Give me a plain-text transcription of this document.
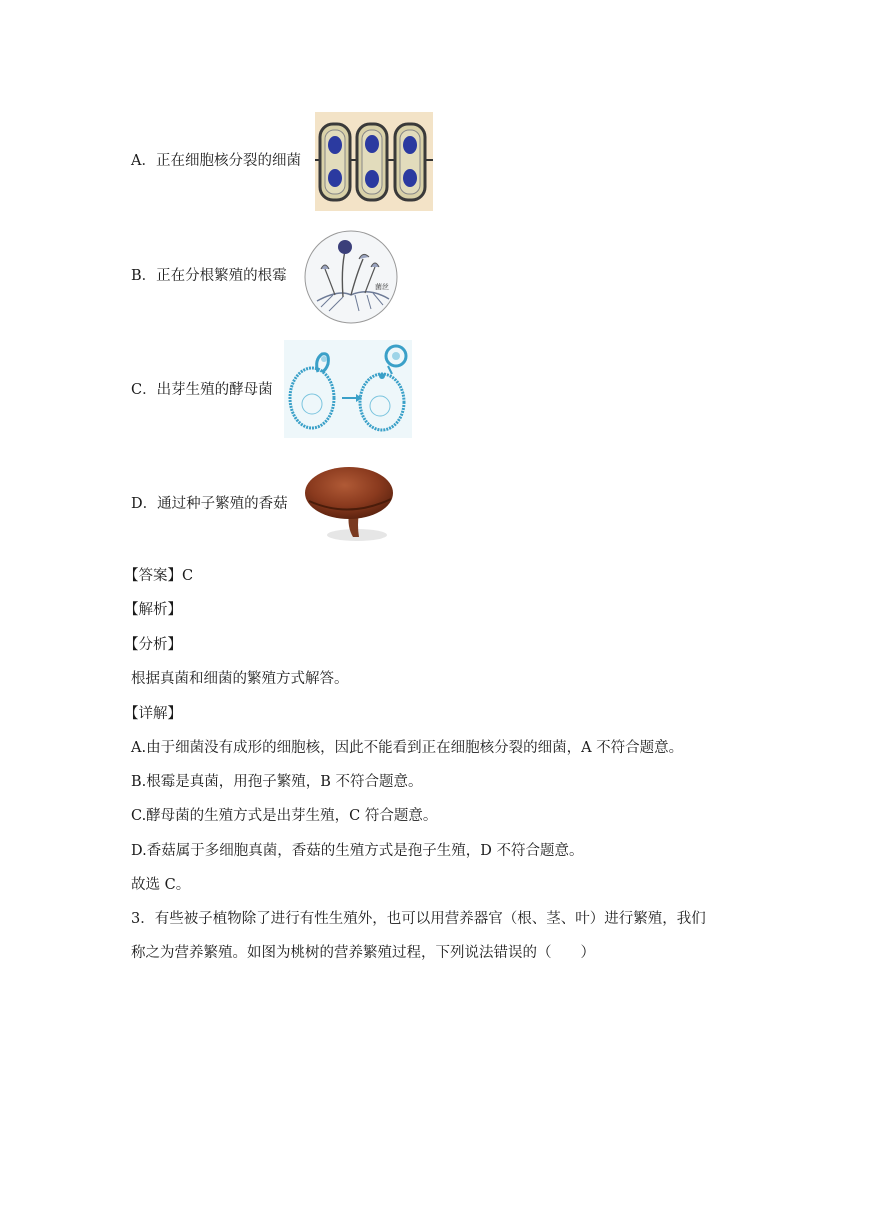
A．正在细胞核分裂的细菌
B．正在分根繁殖的根霉
菌丝
C．出芽生殖的酵母菌
D．通过种子繁殖的香菇
【答案】C
【解析】
【分析】
根据真菌和细菌的繁殖方式解答。
【详解】
A.由于细菌没有成形的细胞核，因此不能看到正在细胞核分裂的细菌，A 不符合题意。
B.根霉是真菌，用孢子繁殖，B 不符合题意。
C.酵母菌的生殖方式是出芽生殖，C 符合题意。
D.香菇属于多细胞真菌，香菇的生殖方式是孢子生殖，D 不符合题意。
故选 C。
3．有些被子植物除了进行有性生殖外，也可以用营养器官（根、茎、叶）进行繁殖，我们
称之为营养繁殖。如图为桃树的营养繁殖过程，下列说法错误的（　　）
